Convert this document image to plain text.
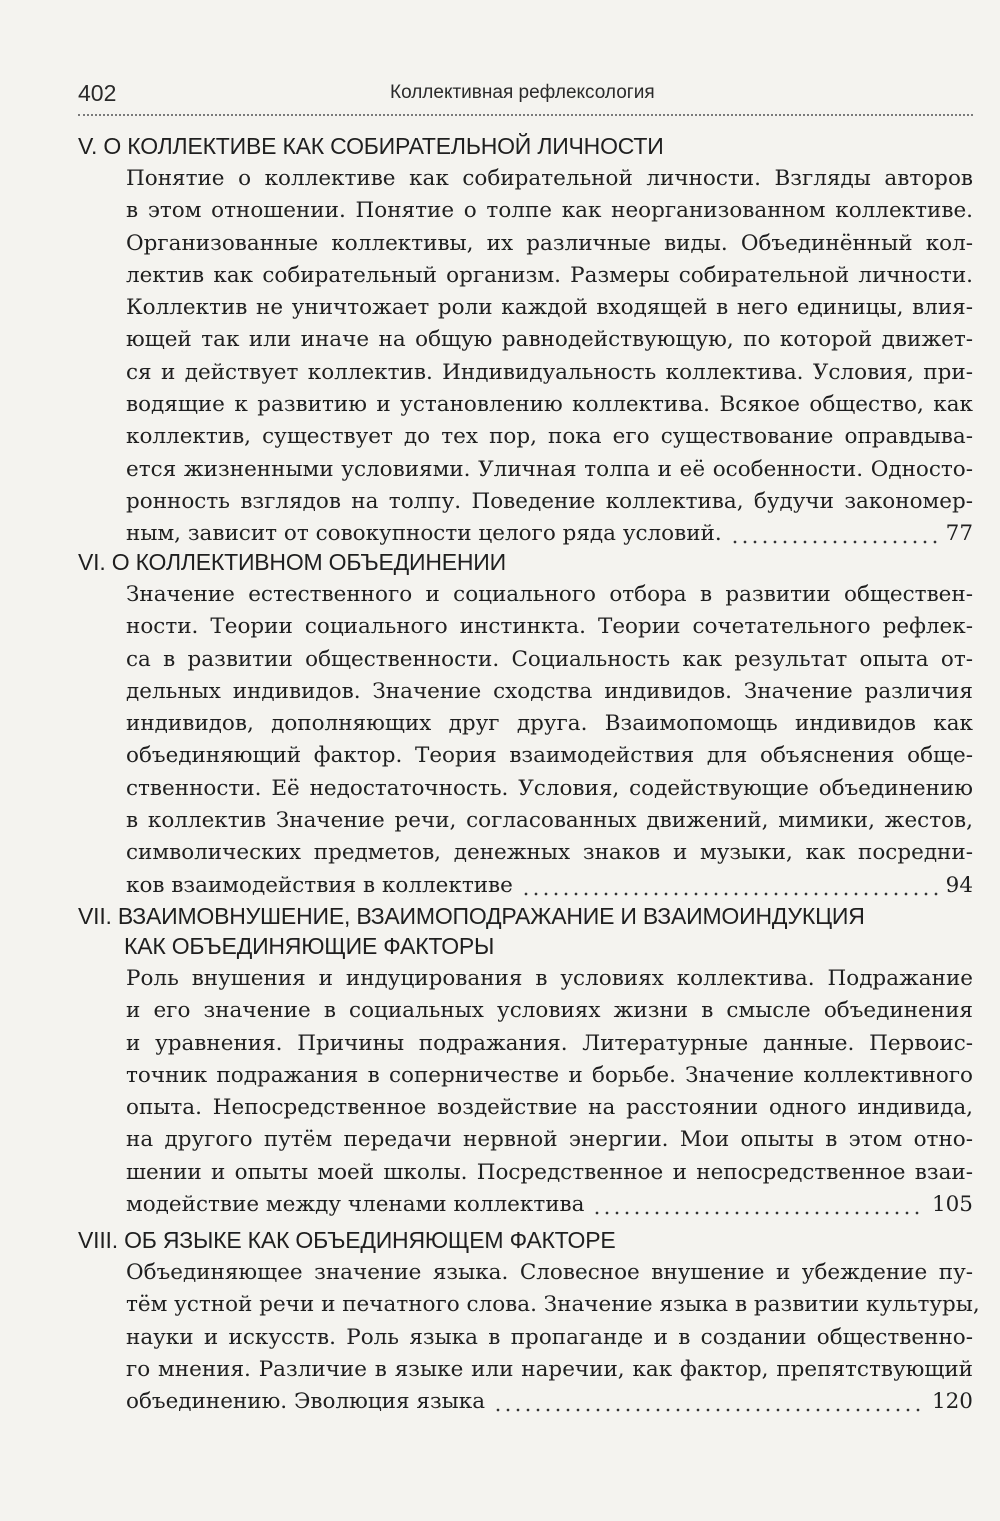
402	Коллективная рефлексология
V. О КОЛЛЕКТИВЕ КАК СОБИРАТЕЛЬНОЙ ЛИЧНОСТИ
Понятие о коллективе как собирательной личности. Взгляды авторов
в этом отношении. Понятие о толпе как неорганизованном коллективе.
Организованные коллективы, их различные виды. Объединённый кол-
лектив как собирательный организм. Размеры собирательной личности.
Коллектив не уничтожает роли каждой входящей в него единицы, влия-
ющей так или иначе на общую равнодействующую, по которой движет-
ся и действует коллектив. Индивидуальность коллектива. Условия, при-
водящие к развитию и установлению коллектива. Всякое общество, как
коллектив, существует до тех пор, пока его существование оправдыва-
ется жизненными условиями. Уличная толпа и её особенности. Односто-
ронность взглядов на толпу. Поведение коллектива, будучи закономер-
ным, зависит от совокупности целого ряда условий.	77
VI. О КОЛЛЕКТИВНОМ ОБЪЕДИНЕНИИ
Значение естественного и социального отбора в развитии обществен-
ности. Теории социального инстинкта. Теории сочетательного рефлек-
са в развитии общественности. Социальность как результат опыта от-
дельных индивидов. Значение сходства индивидов. Значение различия
индивидов, дополняющих друг друга. Взаимопомощь индивидов как
объединяющий фактор. Теория взаимодействия для объяснения обще-
ственности. Её недостаточность. Условия, содействующие объединению
в коллектив Значение речи, согласованных движений, мимики, жестов,
символических предметов, денежных знаков и музыки, как посредни-
ков взаимодействия в коллективе	94
VII. ВЗАИМОВНУШЕНИЕ, ВЗАИМОПОДРАЖАНИЕ И ВЗАИМОИНДУКЦИЯ
КАК ОБЪЕДИНЯЮЩИЕ ФАКТОРЫ
Роль внушения и индуцирования в условиях коллектива. Подражание
и его значение в социальных условиях жизни в смысле объединения
и уравнения. Причины подражания. Литературные данные. Первоис-
точник подражания в соперничестве и борьбе. Значение коллективного
опыта. Непосредственное воздействие на расстоянии одного индивида,
на другого путём передачи нервной энергии. Мои опыты в этом отно-
шении и опыты моей школы. Посредственное и непосредственное взаи-
модействие между членами коллектива	105
VIII. ОБ ЯЗЫКЕ КАК ОБЪЕДИНЯЮЩЕМ ФАКТОРЕ
Объединяющее значение языка. Словесное внушение и убеждение пу-
тём устной речи и печатного слова. Значение языка в развитии культуры,
науки и искусств. Роль языка в пропаганде и в создании общественно-
го мнения. Различие в языке или наречии, как фактор, препятствующий
объединению. Эволюция языка	120
